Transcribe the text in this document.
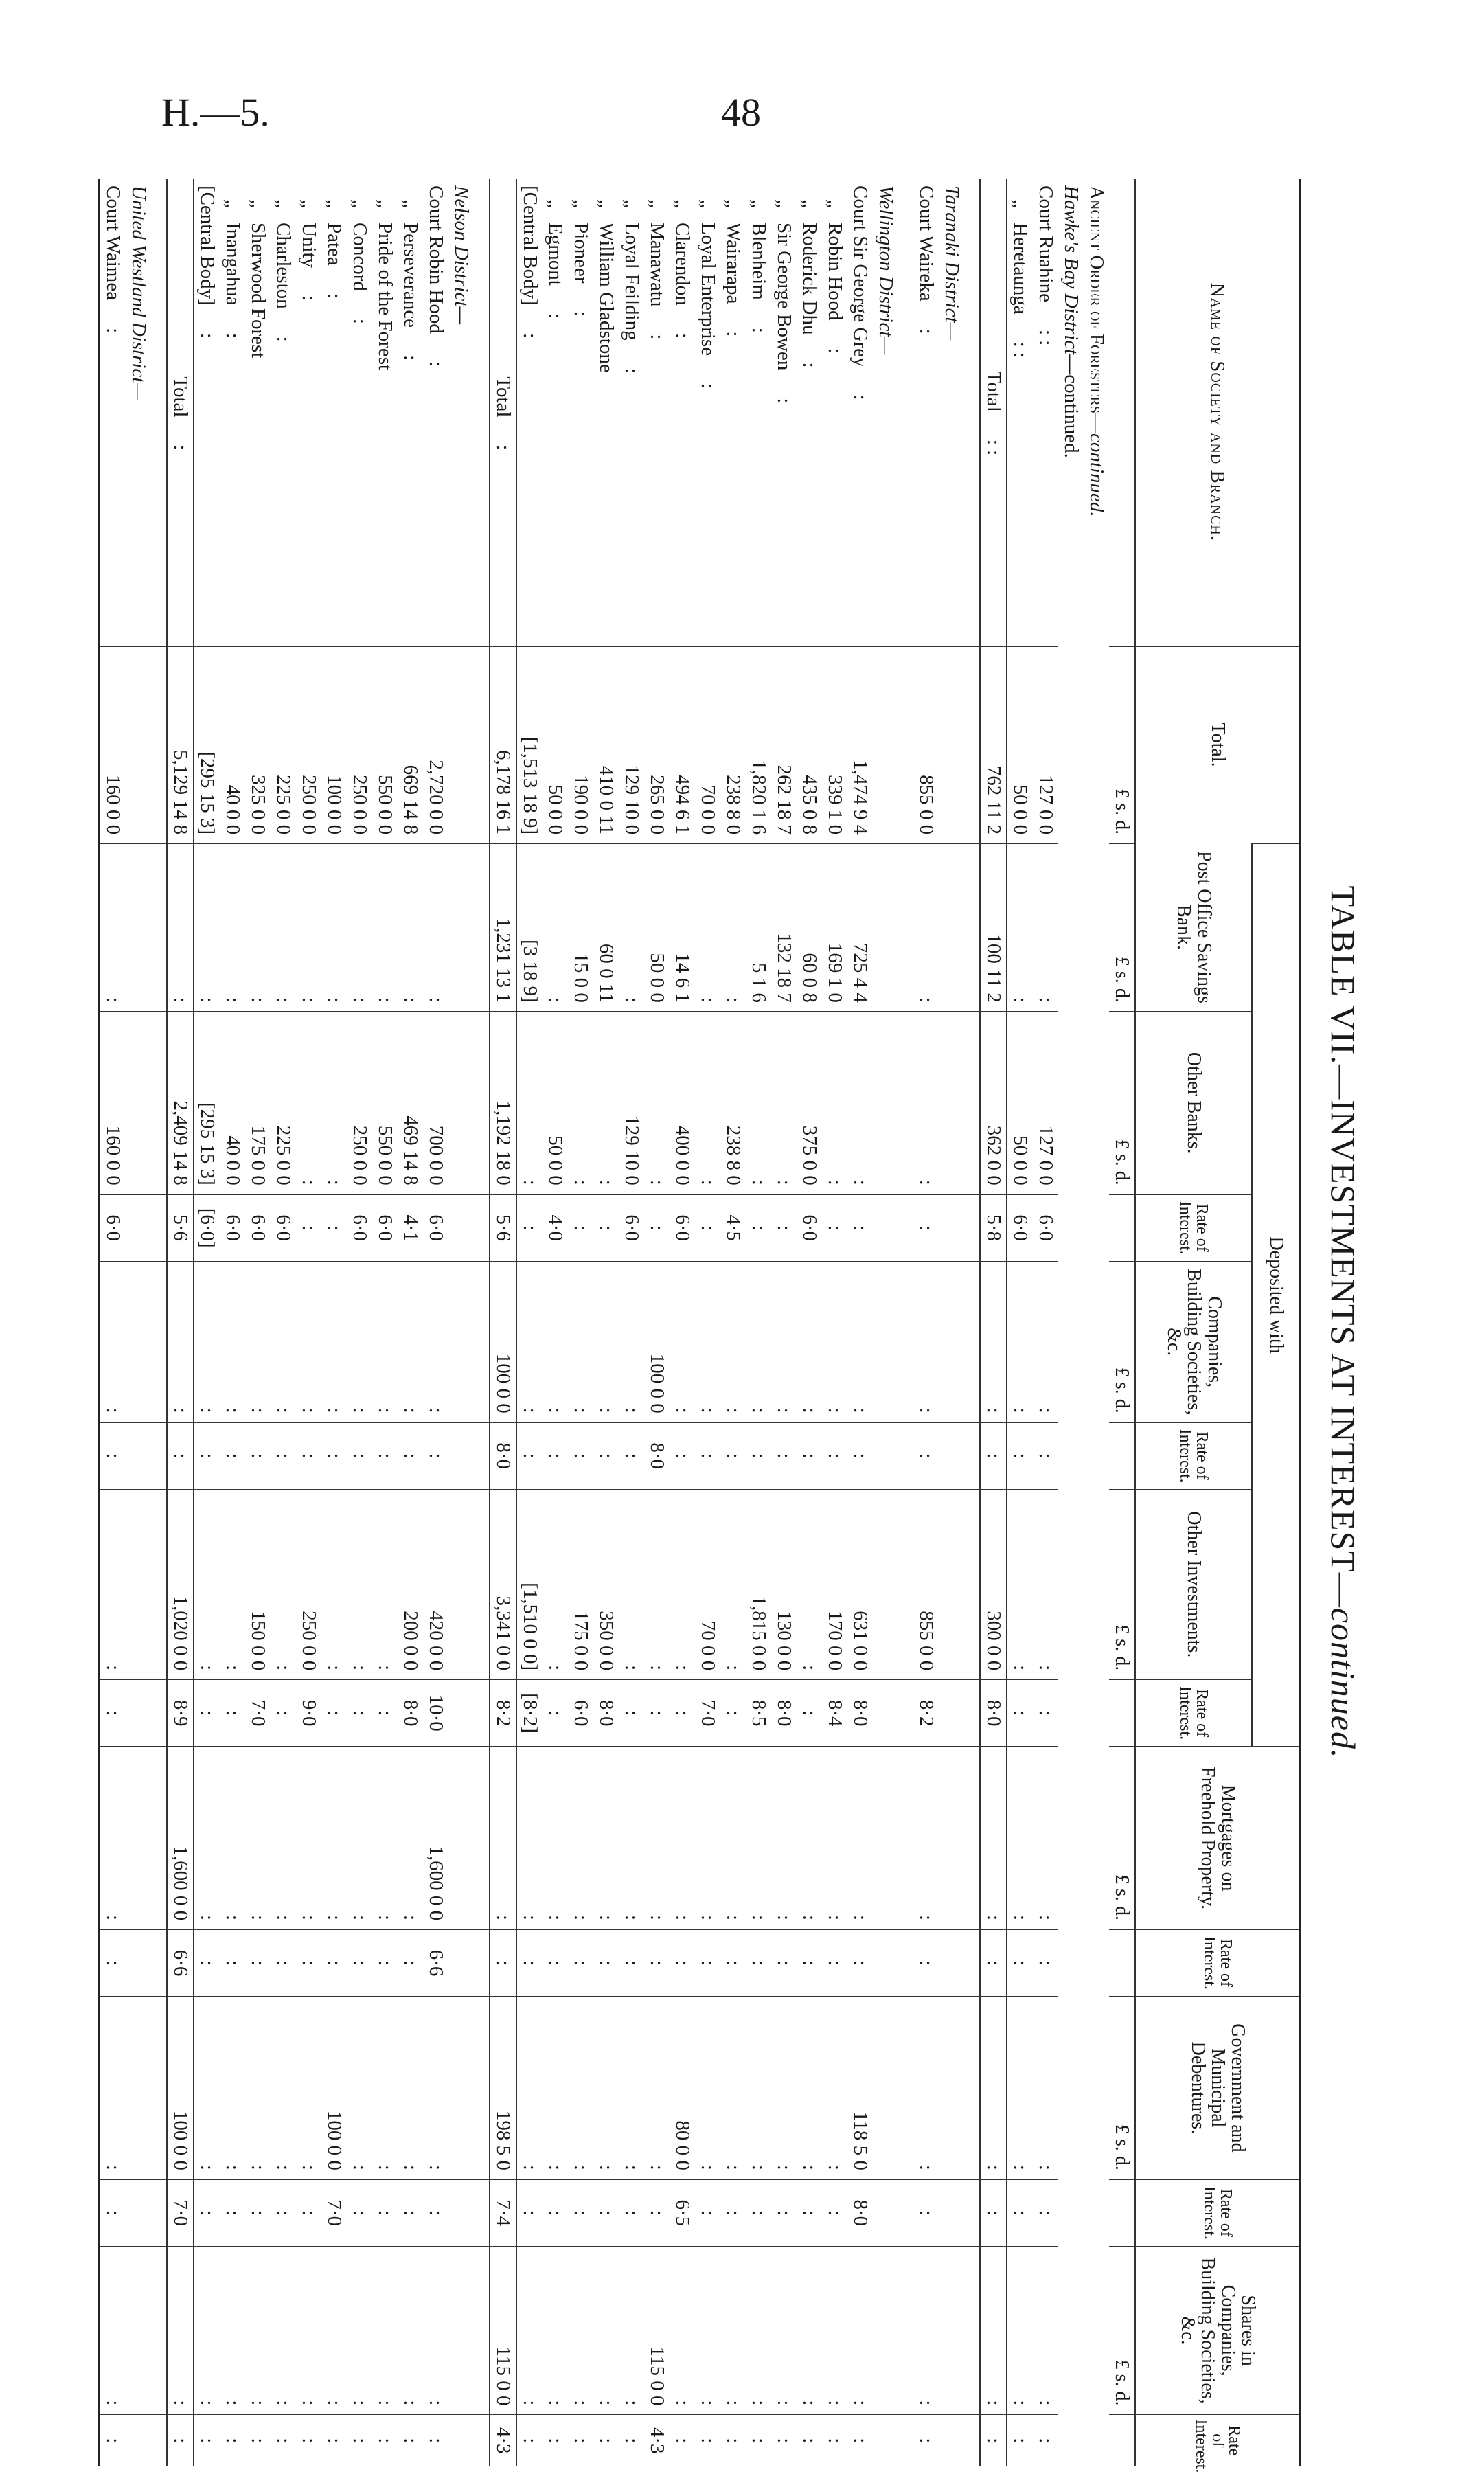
H.—5.	48
TABLE VII.—INVESTMENTS AT INTEREST—continued.
Name of Society and Branch.	Total.	Deposited with							Mortgages on Freehold Property.	Rate of Interest.	Government and Municipal Debentures.	Rate of Interest.	Shares in Companies, Building Societies, &c.	Rate of Interest.
		Post Office Savings Bank.	Other Banks.	Rate of Interest.	Companies, Building Societies, &c.	Rate of Interest.	Other Investments.	Rate of Interest.						

	£ s. d.	£ s. d.	£ s. d.		£ s. d.		£ s. d.		£ s. d.		£ s. d.		£ s. d.	
Ancient Order of Foresters—continued.														
Hawke's Bay District—continued.														
Court Ruahine: :	127 0 0	:	127 0 0	6·0	:	:	:	:	:	:	:	:	:	:
„Heretaunga: :	50 0 0	:	50 0 0	6·0	:	:	:	:	:	:	:	:	:	:
Total: :	762 11 2	100 11 2	362 0 0	5·8	:	:	300 0 0	8·0	:	:	:	:	:	:

Taranaki District—														
Court Waireka:	855 0 0	:	:	:	:	:	855 0 0	8·2	:	:	:	:	:	:

Wellington District—														
Court Sir George Grey:	1,474 9 4	725 4 4	:	:	:	:	631 0 0	8·0	:	:	118 5 0	8·0	:	:
„Robin Hood:	339 1 0	169 1 0	:	:	:	:	170 0 0	8·4	:	:	:	:	:	:
„Roderick Dhu:	435 0 8	60 0 8	375 0 0	6·0	:	:	:	:	:	:	:	:	:	:
„Sir George Bowen:	262 18 7	132 18 7	:	:	:	:	130 0 0	8·0	:	:	:	:	:	:
„Blenheim:	1,820 1 6	5 1 6	:	:	:	:	1,815 0 0	8·5	:	:	:	:	:	:
„Wairarapa:	238 8 0	:	238 8 0	4·5	:	:	:	:	:	:	:	:	:	:
„Loyal Enterprise:	70 0 0	:	:	:	:	:	70 0 0	7·0	:	:	:	:	:	:
„Clarendon:	494 6 1	14 6 1	400 0 0	6·0	:	:	:	:	:	:	80 0 0	6·5	:	:
„Manawatu:	265 0 0	50 0 0	:	:	100 0 0	8·0	:	:	:	:	:	:	115 0 0	4·3
„Loyal Feilding:	129 10 0	:	129 10 0	6·0	:	:	:	:	:	:	:	:	:	:
„William Gladstone	410 0 11	60 0 11	:	:	:	:	350 0 0	8·0	:	:	:	:	:	:
„Pioneer:	190 0 0	15 0 0	:	:	:	:	175 0 0	6·0	:	:	:	:	:	:
„Egmont:	50 0 0	:	50 0 0	4·0	:	:	:	:	:	:	:	:	:	:
[Central Body]:	[1,513 18 9]	[3 18 9]	:	:	:	:	[1,510 0 0]	[8·2]	:	:	:	:	:	:
Total:	6,178 16 1	1,231 13 1	1,192 18 0	5·6	100 0 0	8·0	3,341 0 0	8·2	:	:	198 5 0	7·4	115 0 0	4·3

Nelson District—														
Court Robin Hood:	2,720 0 0	:	700 0 0	6·0	:	:	420 0 0	10·0	1,600 0 0	6·6	:	:	:	:
„Perseverance:	669 14 8	:	469 14 8	4·1	:	:	200 0 0	8·0	:	:	:	:	:	:
„Pride of the Forest	550 0 0	:	550 0 0	6·0	:	:	:	:	:	:	:	:	:	:
„Concord:	250 0 0	:	250 0 0	6·0	:	:	:	:	:	:	:	:	:	:
„Patea:	100 0 0	:	:	:	:	:	:	:	:	:	100 0 0	7·0	:	:
„Unity:	250 0 0	:	:	:	:	:	250 0 0	9·0	:	:	:	:	:	:
„Charleston:	225 0 0	:	225 0 0	6·0	:	:	:	:	:	:	:	:	:	:
„Sherwood Forest	325 0 0	:	175 0 0	6·0	:	:	150 0 0	7·0	:	:	:	:	:	:
„Inangahua:	40 0 0	:	40 0 0	6·0	:	:	:	:	:	:	:	:	:	:
[Central Body]:	[295 15 3]	:	[295 15 3]	[6·0]	:	:	:	:	:	:	:	:	:	:
Total:	5,129 14 8	:	2,409 14 8	5·6	:	:	1,020 0 0	8·9	1,600 0 0	6·6	100 0 0	7·0	:	:

United Westland District—														
Court Waimea:	160 0 0	:	160 0 0	6·0	:	:	:	:	:	:	:	:	:	:
